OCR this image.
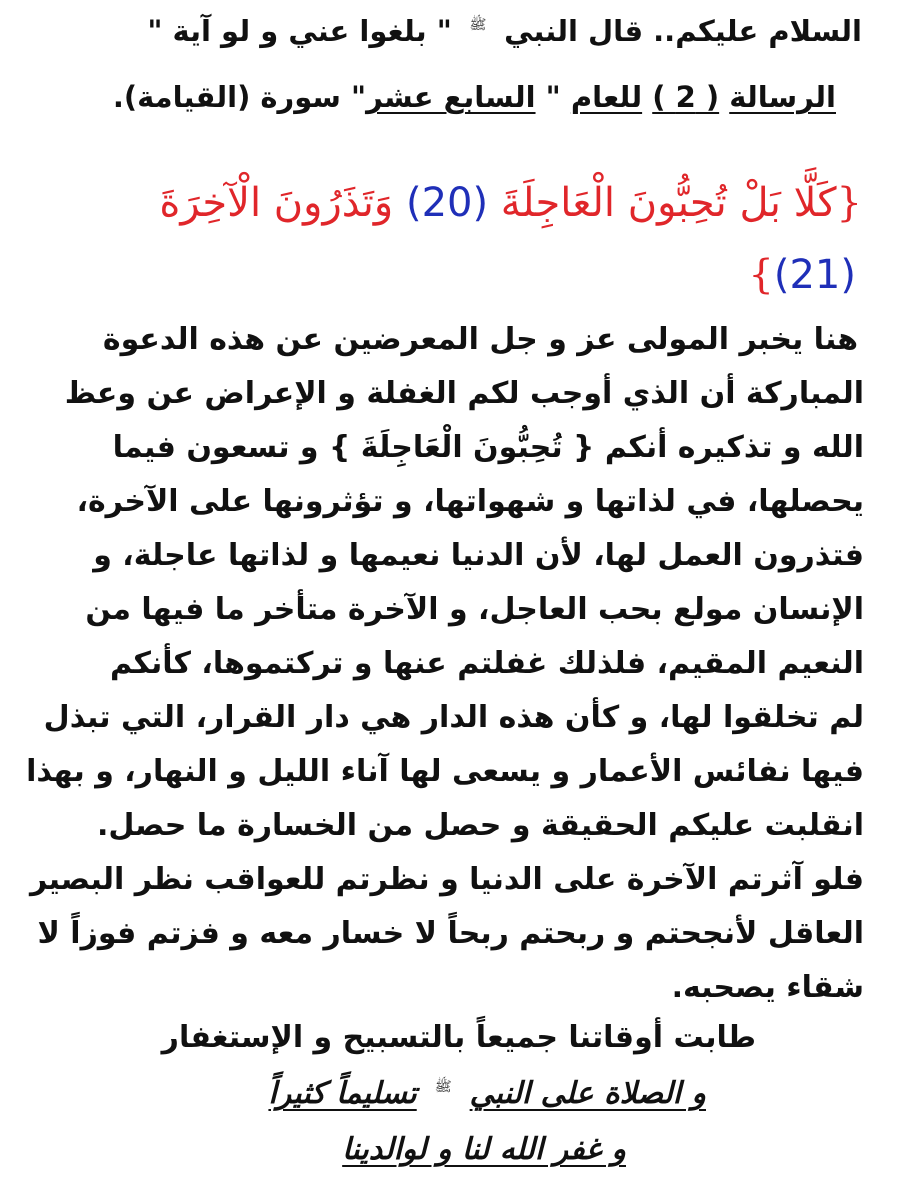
السلام عليكم.. قال النبي ﷺ " بلغوا عني و لو آية "
الرسالة ( 2 ) للعام " السابع عشر" سورة (القيامة).
{كَلَّا بَلْ تُحِبُّونَ الْعَاجِلَةَ (20) وَتَذَرُونَ الْآخِرَةَ
(21)}
هنا يخبر المولى عز و جل المعرضين عن هذه الدعوة
المباركة أن الذي أوجب لكم الغفلة و الإعراض عن وعظ
الله و تذكيره أنكم { تُحِبُّونَ الْعَاجِلَةَ } و تسعون فيما
يحصلها، في لذاتها و شهواتها، و تؤثرونها على الآخرة،
فتذرون العمل لها، لأن الدنيا نعيمها و لذاتها عاجلة، و
الإنسان مولع بحب العاجل، و الآخرة متأخر ما فيها من
النعيم المقيم، فلذلك غفلتم عنها و تركتموها، كأنكم
لم تخلقوا لها، و كأن هذه الدار هي دار القرار، التي تبذل
فيها نفائس الأعمار و يسعى لها آناء الليل و النهار، و بهذا
انقلبت عليكم الحقيقة و حصل من الخسارة ما حصل.
فلو آثرتم الآخرة على الدنيا و نظرتم للعواقب نظر البصير
العاقل لأنجحتم و ربحتم ربحاً لا خسار معه و فزتم فوزاً لا
شقاء يصحبه.
طابت أوقاتنا جميعاً بالتسبيح و الإستغفار
و الصلاة على النبي ﷺ تسليماً كثيراً
و غفر الله لنا و لوالدينا
